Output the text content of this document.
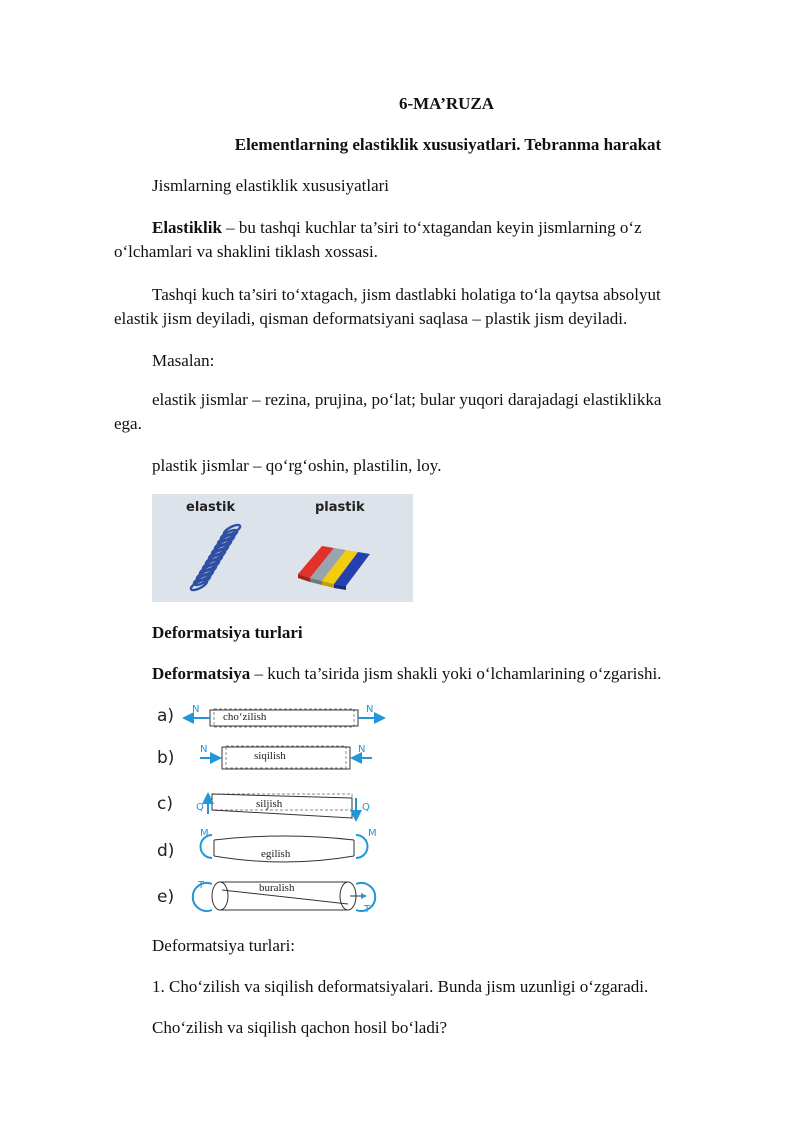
6-MA’RUZA
Elementlarning elastiklik xususiyatlari. Tebranma harakat
Jismlarning elastiklik xususiyatlari
Elastiklik – bu tashqi kuchlar ta’siri to‘xtagandan keyin jismlarning o‘z
o‘lchamlari va shaklini tiklash xossasi.
Tashqi kuch ta’siri to‘xtagach, jism dastlabki holatiga to‘la qaytsa absolyut
elastik jism deyiladi, qisman deformatsiyani saqlasa – plastik jism deyiladi.
Masalan:
elastik jismlar – rezina, prujina, po‘lat; bular yuqori darajadagi elastiklikka
ega.
plastik jismlar – qo‘rg‘oshin, plastilin, loy.
elastik	plastik
Deformatsiya turlari
Deformatsiya – kuch ta’sirida jism shakli yoki o‘lchamlarining o‘zgarishi.
a)
b)
c)
d)
e)
N	N
N	N
Q	Q
M	M
T
T
cho‘zilish
siqilish
siljish
egilish
buralish
Deformatsiya turlari:
1. Cho‘zilish va siqilish deformatsiyalari. Bunda jism uzunligi o‘zgaradi.
Cho‘zilish va siqilish qachon hosil bo‘ladi?
